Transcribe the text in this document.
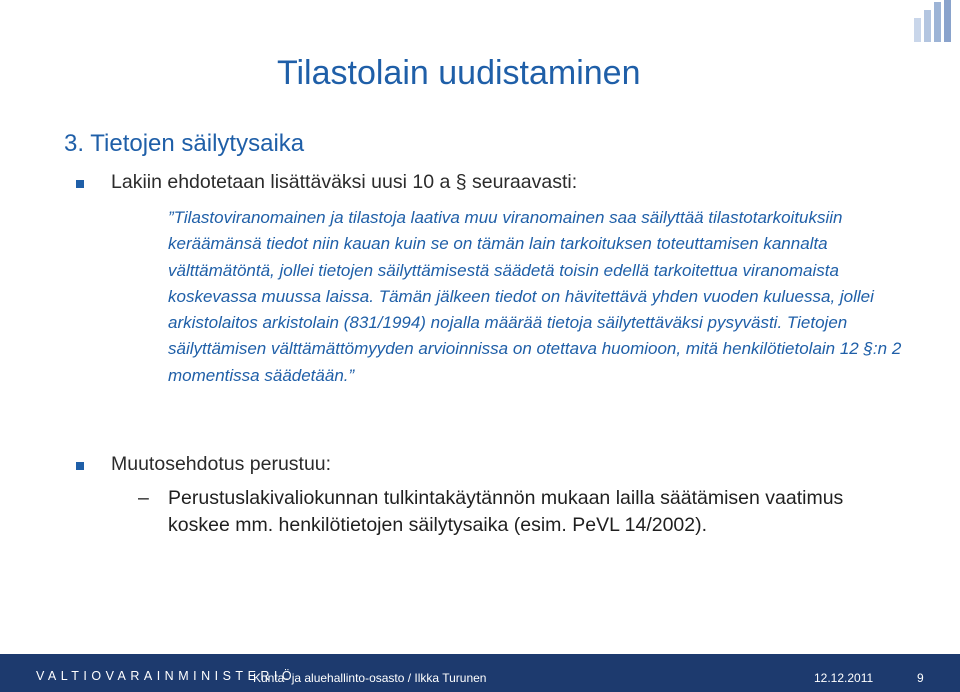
Tilastolain uudistaminen
3. Tietojen säilytysaika
Lakiin ehdotetaan lisättäväksi uusi 10 a § seuraavasti:

”Tilastoviranomainen ja tilastoja laativa muu viranomainen saa säilyttää tilastotarkoituksiin keräämänsä tiedot niin kauan kuin se on tämän lain tarkoituksen toteuttamisen kannalta välttämätöntä, jollei tietojen säilyttämisestä säädetä toisin edellä tarkoitettua viranomaista koskevassa muussa laissa. Tämän jälkeen tiedot on hävitettävä yhden vuoden kuluessa, jollei arkistolaitos arkistolain (831/1994) nojalla määrää tietoja säilytettäväksi pysyvästi. Tietojen säilyttämisen välttämättömyyden arvioinnissa on otettava huomioon, mitä henkilötietolain 12 §:n 2 momentissa säädetään.”

Muutosehdotus perustuu:
– Perustuslakivaliokunnan tulkintakäytännön mukaan laillа säätämisen vaatimus koskee mm. henkilötietojen säilytysaika (esim. PeVL 14/2002).
VALTIOVARAINMINISTERIÖ
Kunta- ja aluehallinto-osasto / Ilkka Turunen	12.12.2011	9
